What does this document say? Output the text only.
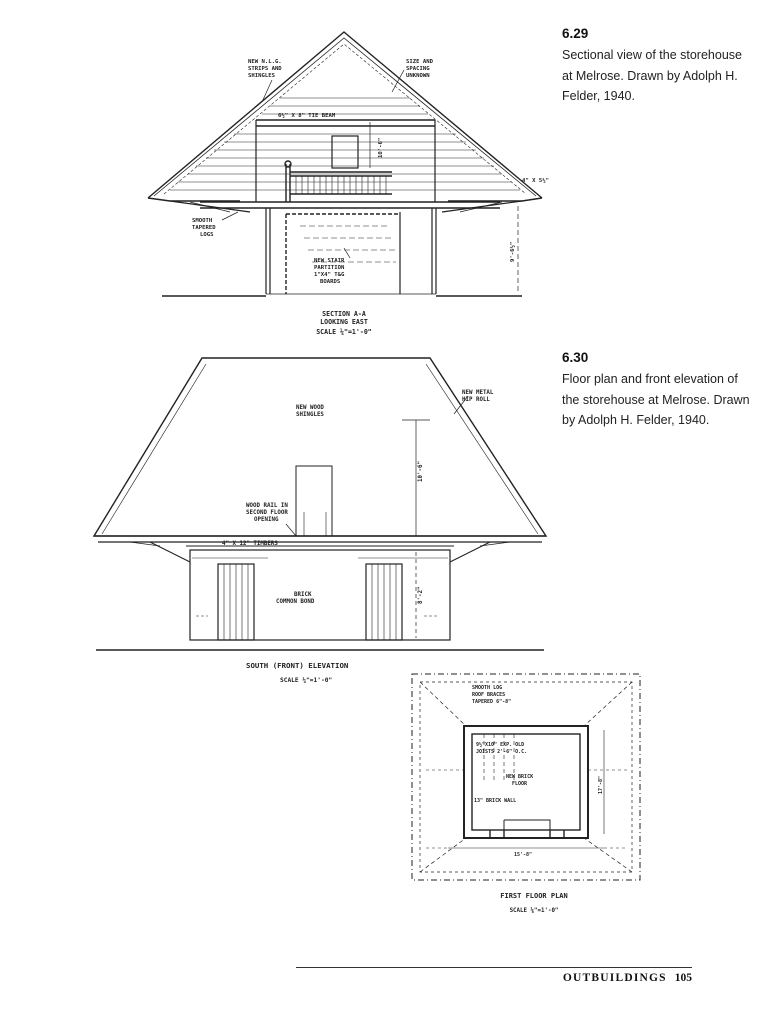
NEW N.L.G.
STRIPS AND
SHINGLES
SIZE AND
SPACING
UNKNOWN
6½" X 8" TIE BEAM
SMOOTH
TAPERED
LOGS
NEW STAIR
PARTITION
1"X4" T&G
BOARDS
4" X 5½"
10'-6"
9'-6½"
SECTION A-A
LOOKING EAST
SCALE ¼"=1'-0"
NEW METAL
HIP ROLL
NEW WOOD
SHINGLES
WOOD RAIL IN
SECOND FLOOR
OPENING
4" X 12" TIMBERS
BRICK
COMMON BOND
10'-6"
8'-2"
SOUTH (FRONT) ELEVATION
SCALE ¼"=1'-0"
SMOOTH LOG
ROOF BRACES
TAPERED 6"-8"
9½"X10" EXP. OLD
JOISTS 2'-6" O.C.
NEW BRICK
FLOOR
13" BRICK WALL
15'-8"
17'-8"
FIRST FLOOR PLAN
SCALE ⅛"=1'-0"
6.29
Sectional view of the storehouse at Melrose. Drawn by Adolph H. Felder, 1940.
6.30
Floor plan and front elevation of the storehouse at Melrose. Drawn by Adolph H. Felder, 1940.
OUTBUILDINGS 105
